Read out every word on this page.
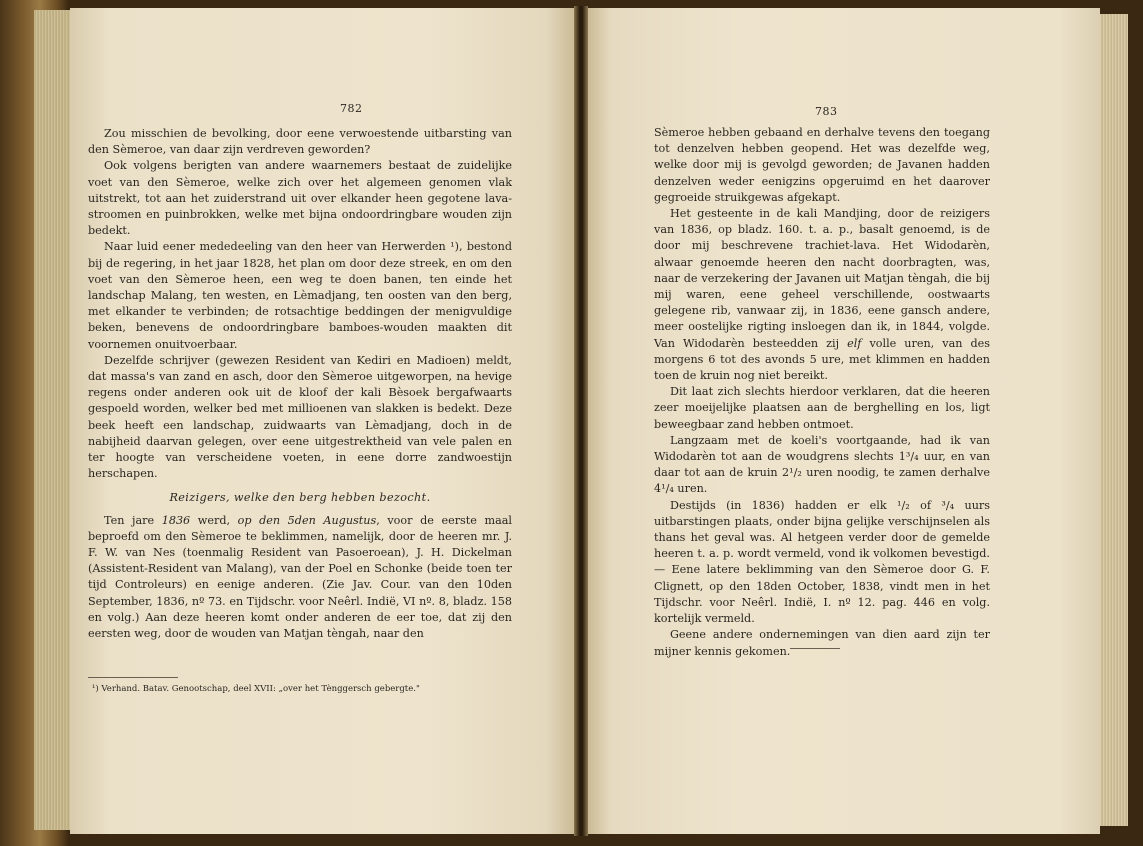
782

Zou misschien de bevolking, door eene verwoestende uitbarsting van den Sèmeroe, van daar zijn verdreven geworden?

Ook volgens berigten van andere waarnemers bestaat de zuidelijke voet van den Sèmeroe, welke zich over het algemeen genomen vlak uitstrekt, tot aan het zuiderstrand uit over elkander heen gegotene lava-stroomen en puinbrokken, welke met bijna ondoordringbare wouden zijn bedekt.

Naar luid eener mededeeling van den heer van Herwerden ¹), bestond bij de regering, in het jaar 1828, het plan om door deze streek, en om den voet van den Sèmeroe heen, een weg te doen banen, ten einde het landschap Malang, ten westen, en Lèmadjang, ten oosten van den berg, met elkander te verbinden; de rotsachtige beddingen der menigvuldige beken, benevens de ondoordringbare bamboes-wouden maakten dit voornemen onuitvoerbaar.

Dezelfde schrijver (gewezen Resident van Kediri en Madioen) meldt, dat massa's van zand en asch, door den Sèmeroe uitgeworpen, na hevige regens onder anderen ook uit de kloof der kali Bèsoek bergafwaarts gespoeld worden, welker bed met millioenen van slakken is bedekt. Deze beek heeft een landschap, zuidwaarts van Lèmadjang, doch in de nabijheid daarvan gelegen, over eene uitgestrektheid van vele palen en ter hoogte van verscheidene voeten, in eene dorre zandwoestijn herschapen.

Reizigers, welke den berg hebben bezocht.

Ten jare 1836 werd, op den 5den Augustus, voor de eerste maal beproefd om den Sèmeroe te beklimmen, namelijk, door de heeren mr. J. F. W. van Nes (toenmalig Resident van Pasoeroean), J. H. Dickelman (Assistent-Resident van Malang), van der Poel en Schonke (beide toen ter tijd Controleurs) en eenige anderen. (Zie Jav. Cour. van den 10den September, 1836, nº 73. en Tijdschr. voor Neêrl. Indië, VI nº. 8, bladz. 158 en volg.) Aan deze heeren komt onder anderen de eer toe, dat zij den eersten weg, door de wouden van Matjan tèngah, naar den

¹) Verhand. Batav. Genootschap, deel XVII: „over het Tènggersch gebergte."
783

Sèmeroe hebben gebaand en derhalve tevens den toegang tot denzelven hebben geopend. Het was dezelfde weg, welke door mij is gevolgd geworden; de Javanen hadden denzelven weder eenigzins opgeruimd en het daarover gegroeide struikgewas afgekapt.

Het gesteente in de kali Mandjing, door de reizigers van 1836, op bladz. 160. t. a. p., basalt genoemd, is de door mij beschrevene trachiet-lava. Het Widodarèn, alwaar genoemde heeren den nacht doorbragten, was, naar de verzekering der Javanen uit Matjan tèngah, die bij mij waren, eene geheel verschillende, oostwaarts gelegene rib, vanwaar zij, in 1836, eene gansch andere, meer oostelijke rigting insloegen dan ik, in 1844, volgde. Van Widodarèn besteedden zij elf volle uren, van des morgens 6 tot des avonds 5 ure, met klimmen en hadden toen de kruin nog niet bereikt.

Dit laat zich slechts hierdoor verklaren, dat die heeren zeer moeijelijke plaatsen aan de berghelling en los, ligt beweegbaar zand hebben ontmoet.

Langzaam met de koeli's voortgaande, had ik van Widodarèn tot aan de woudgrens slechts 1³/₄ uur, en van daar tot aan de kruin 2¹/₂ uren noodig, te zamen derhalve 4¹/₄ uren.

Destijds (in 1836) hadden er elk ¹/₂ of ³/₄ uurs uitbarstingen plaats, onder bijna gelijke verschijnselen als thans het geval was. Al hetgeen verder door de gemelde heeren t. a. p. wordt vermeld, vond ik volkomen bevestigd. — Eene latere beklimming van den Sèmeroe door G. F. Clignett, op den 18den October, 1838, vindt men in het Tijdschr. voor Neêrl. Indië, I. nº 12. pag. 446 en volg. kortelijk vermeld.

Geene andere ondernemingen van dien aard zijn ter mijner kennis gekomen.
